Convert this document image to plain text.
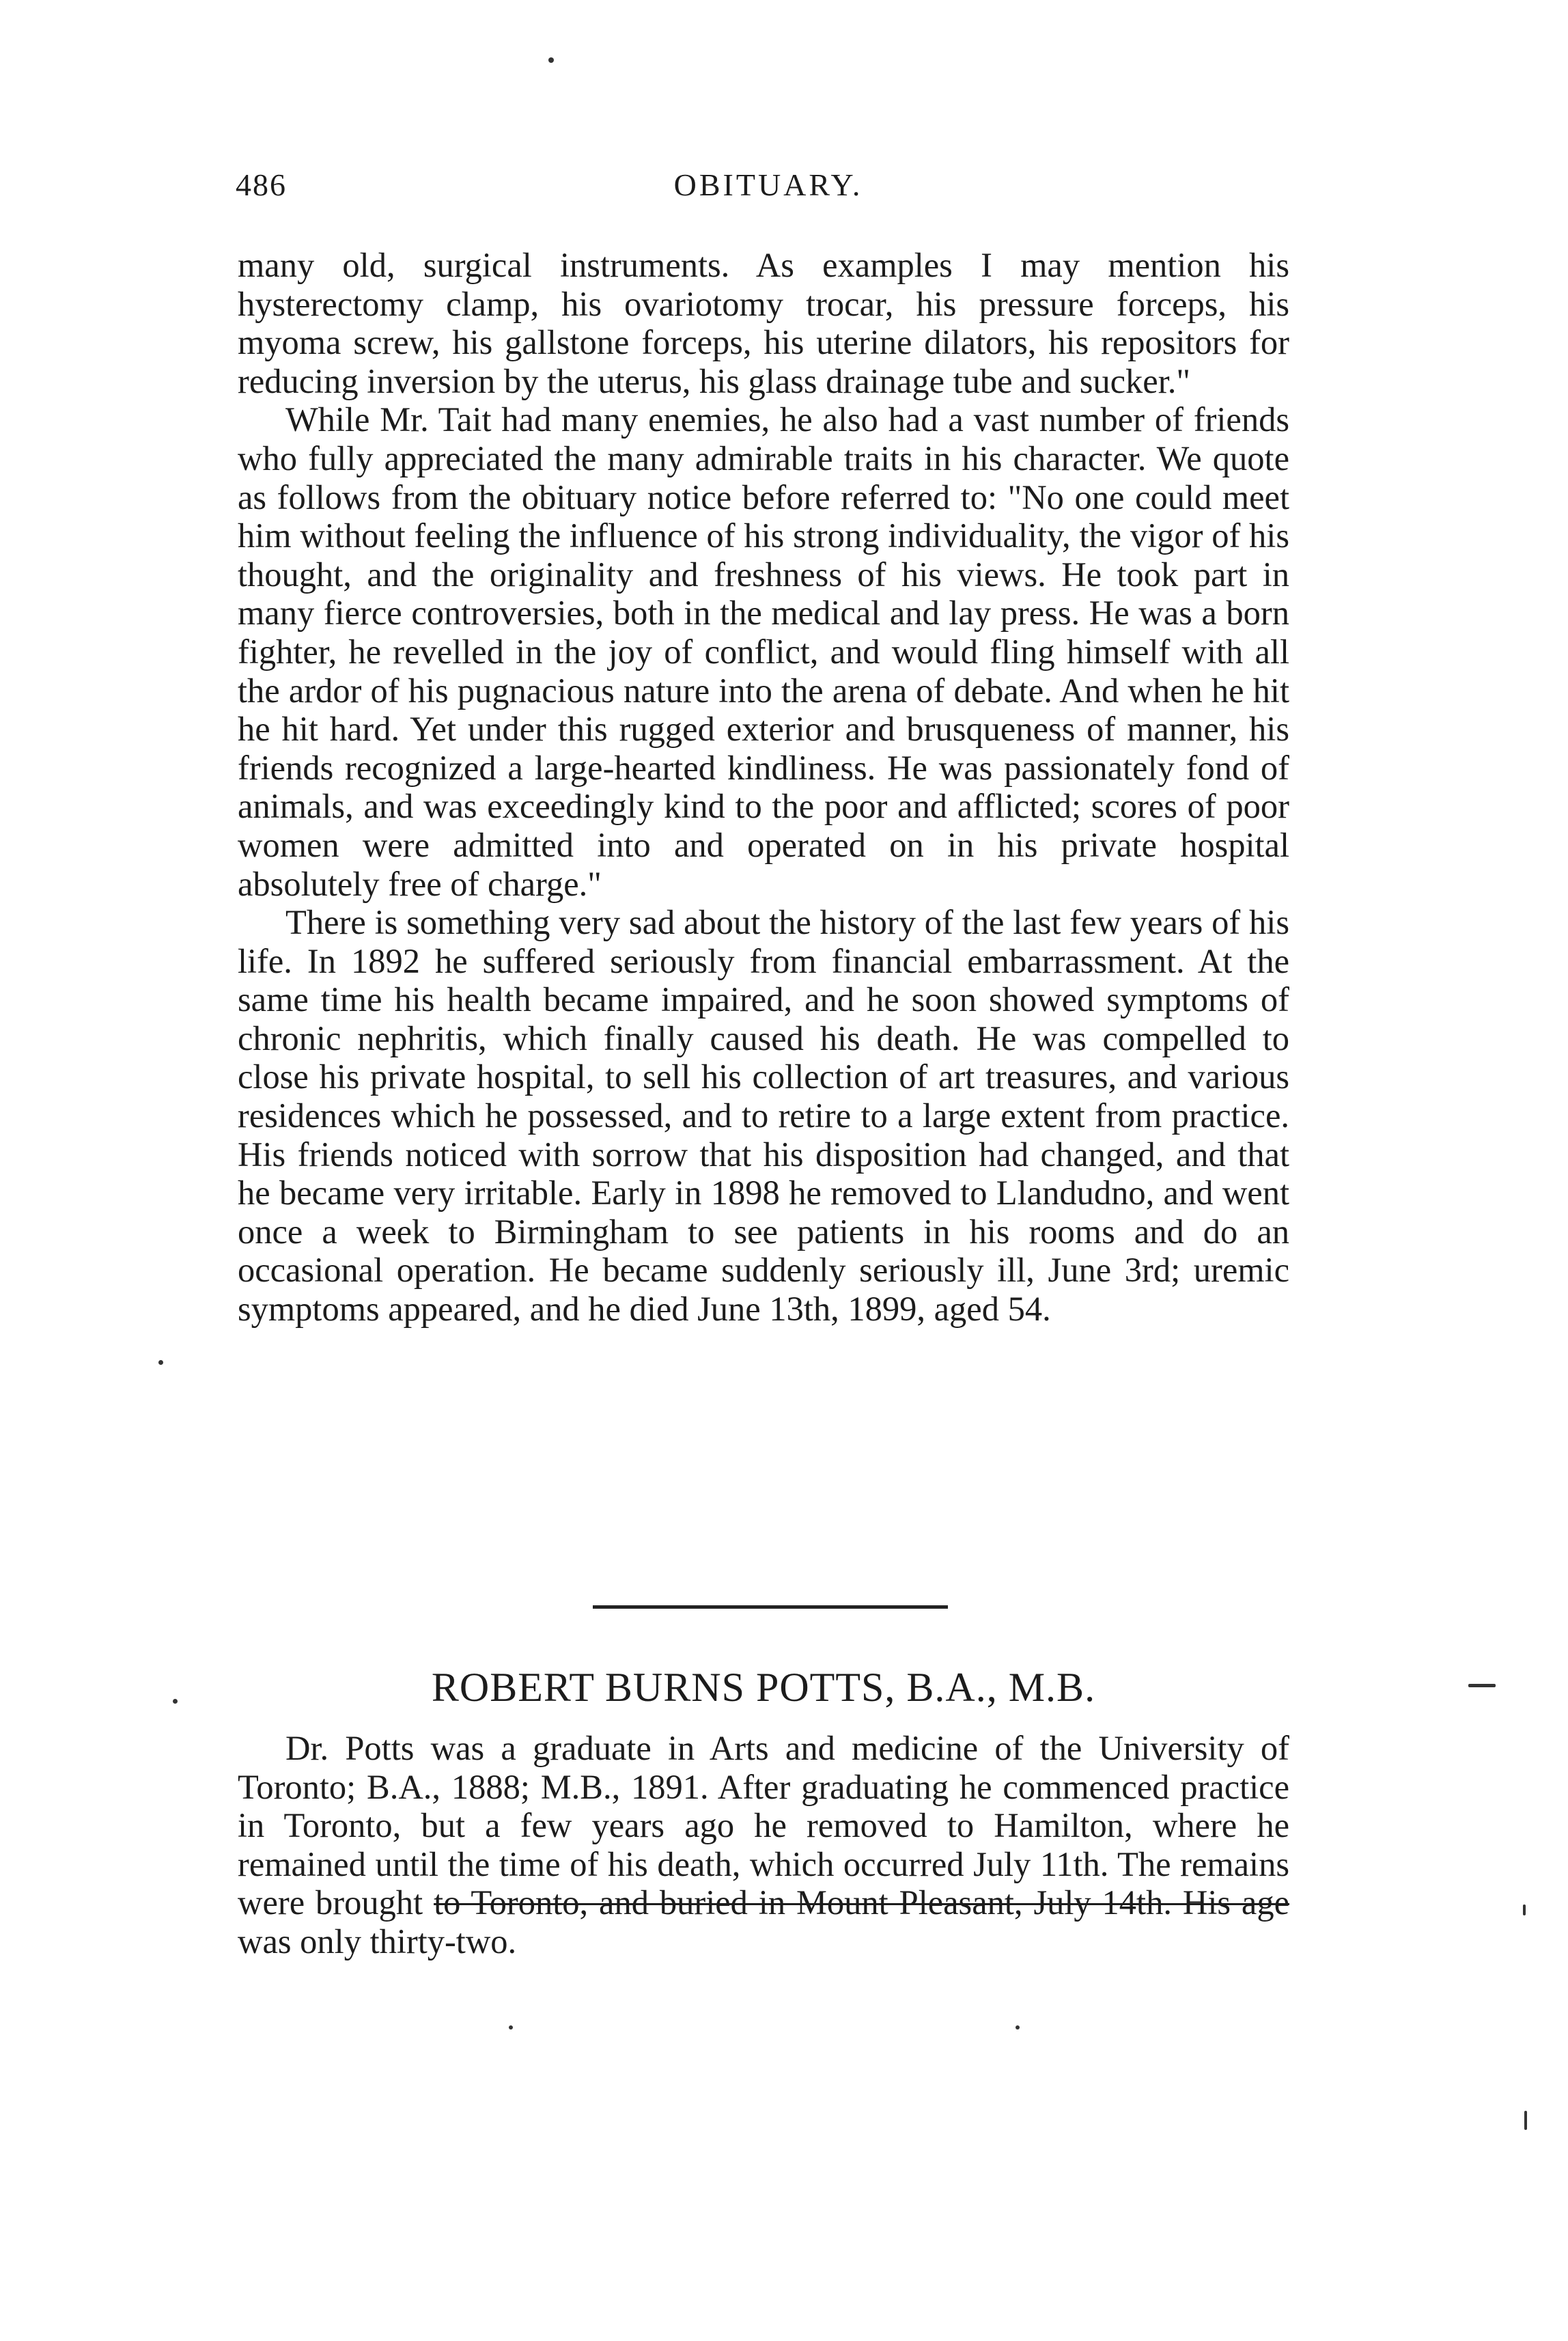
486	OBITUARY.

many old, surgical instruments. As examples I may mention his hysterectomy clamp, his ovariotomy trocar, his pressure forceps, his myoma screw, his gallstone forceps, his uterine dilators, his repositors for reducing inversion by the uterus, his glass drainage tube and sucker."

While Mr. Tait had many enemies, he also had a vast number of friends who fully appreciated the many admirable traits in his character. We quote as follows from the obituary notice before referred to: "No one could meet him without feeling the influence of his strong individuality, the vigor of his thought, and the originality and freshness of his views. He took part in many fierce controversies, both in the medical and lay press. He was a born fighter, he revelled in the joy of conflict, and would fling himself with all the ardor of his pugnacious nature into the arena of debate. And when he hit he hit hard. Yet under this rugged exterior and brusqueness of manner, his friends recognized a large-hearted kindliness. He was passionately fond of animals, and was exceedingly kind to the poor and afflicted; scores of poor women were admitted into and operated on in his private hospital absolutely free of charge."

There is something very sad about the history of the last few years of his life. In 1892 he suffered seriously from financial embarrassment. At the same time his health became impaired, and he soon showed symptoms of chronic nephritis, which finally caused his death. He was compelled to close his private hospital, to sell his collection of art treasures, and various residences which he possessed, and to retire to a large extent from practice. His friends noticed with sorrow that his disposition had changed, and that he became very irritable. Early in 1898 he removed to Llandudno, and went once a week to Birmingham to see patients in his rooms and do an occasional operation. He became suddenly seriously ill, June 3rd; uremic symptoms appeared, and he died June 13th, 1899, aged 54.

ROBERT BURNS POTTS, B.A., M.B.

Dr. Potts was a graduate in Arts and medicine of the University of Toronto; B.A., 1888; M.B., 1891. After graduating he commenced practice in Toronto, but a few years ago he removed to Hamilton, where he remained until the time of his death, which occurred July 11th. The remains were brought to Toronto, and buried in Mount Pleasant, July 14th. His age was only thirty-two.
